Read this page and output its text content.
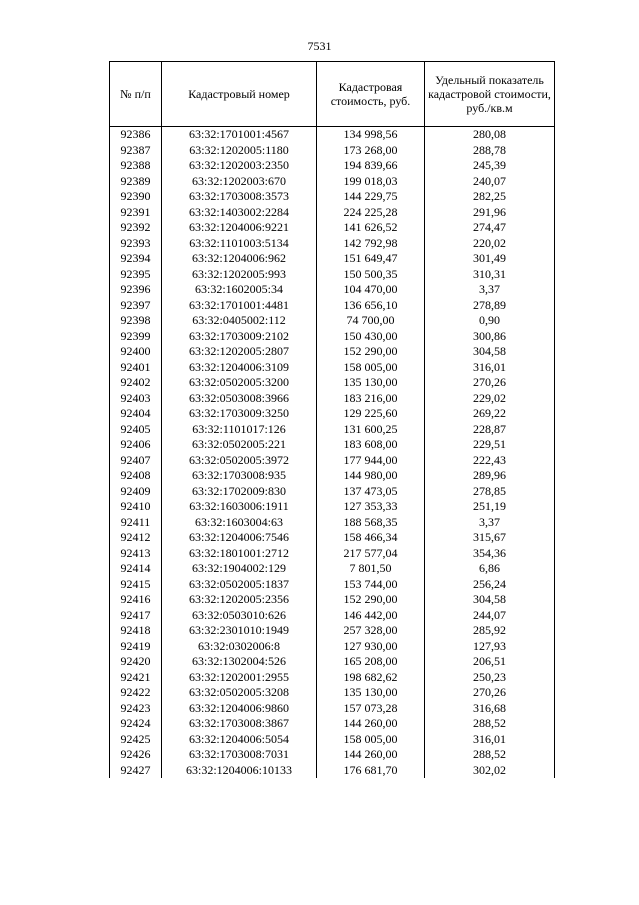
7531
№ п/п	Кадастровый номер	Кадастровая стоимость, руб.	Удельный показатель кадастровой стоимости, руб./кв.м
92386	63:32:1701001:4567	134 998,56	280,08
92387	63:32:1202005:1180	173 268,00	288,78
92388	63:32:1202003:2350	194 839,66	245,39
92389	63:32:1202003:670	199 018,03	240,07
92390	63:32:1703008:3573	144 229,75	282,25
92391	63:32:1403002:2284	224 225,28	291,96
92392	63:32:1204006:9221	141 626,52	274,47
92393	63:32:1101003:5134	142 792,98	220,02
92394	63:32:1204006:962	151 649,47	301,49
92395	63:32:1202005:993	150 500,35	310,31
92396	63:32:1602005:34	104 470,00	3,37
92397	63:32:1701001:4481	136 656,10	278,89
92398	63:32:0405002:112	74 700,00	0,90
92399	63:32:1703009:2102	150 430,00	300,86
92400	63:32:1202005:2807	152 290,00	304,58
92401	63:32:1204006:3109	158 005,00	316,01
92402	63:32:0502005:3200	135 130,00	270,26
92403	63:32:0503008:3966	183 216,00	229,02
92404	63:32:1703009:3250	129 225,60	269,22
92405	63:32:1101017:126	131 600,25	228,87
92406	63:32:0502005:221	183 608,00	229,51
92407	63:32:0502005:3972	177 944,00	222,43
92408	63:32:1703008:935	144 980,00	289,96
92409	63:32:1702009:830	137 473,05	278,85
92410	63:32:1603006:1911	127 353,33	251,19
92411	63:32:1603004:63	188 568,35	3,37
92412	63:32:1204006:7546	158 466,34	315,67
92413	63:32:1801001:2712	217 577,04	354,36
92414	63:32:1904002:129	7 801,50	6,86
92415	63:32:0502005:1837	153 744,00	256,24
92416	63:32:1202005:2356	152 290,00	304,58
92417	63:32:0503010:626	146 442,00	244,07
92418	63:32:2301010:1949	257 328,00	285,92
92419	63:32:0302006:8	127 930,00	127,93
92420	63:32:1302004:526	165 208,00	206,51
92421	63:32:1202001:2955	198 682,62	250,23
92422	63:32:0502005:3208	135 130,00	270,26
92423	63:32:1204006:9860	157 073,28	316,68
92424	63:32:1703008:3867	144 260,00	288,52
92425	63:32:1204006:5054	158 005,00	316,01
92426	63:32:1703008:7031	144 260,00	288,52
92427	63:32:1204006:10133	176 681,70	302,02
